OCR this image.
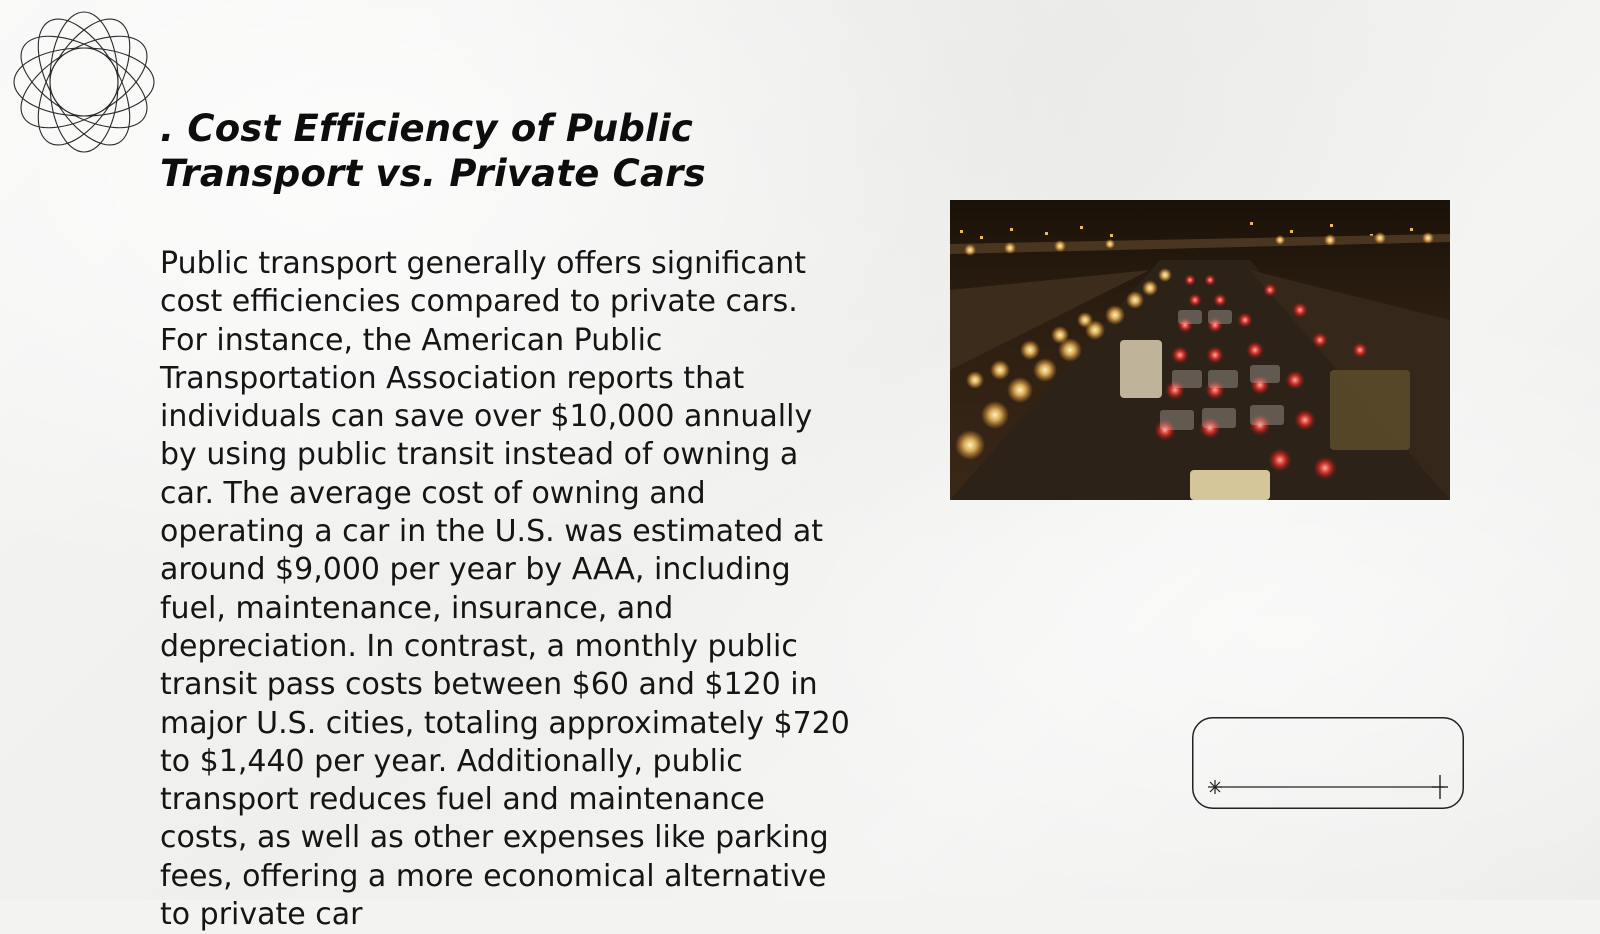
. Cost Efficiency of Public Transport vs. Private Cars

Public transport generally offers significant cost efficiencies compared to private cars. For instance, the American Public Transportation Association reports that individuals can save over $10,000 annually by using public transit instead of owning a car. The average cost of owning and operating a car in the U.S. was estimated at around $9,000 per year by AAA, including fuel, maintenance, insurance, and depreciation. In contrast, a monthly public transit pass costs between $60 and $120 in major U.S. cities, totaling approximately $720 to $1,440 per year. Additionally, public transport reduces fuel and maintenance costs, as well as other expenses like parking fees, offering a more economical alternative to private car
